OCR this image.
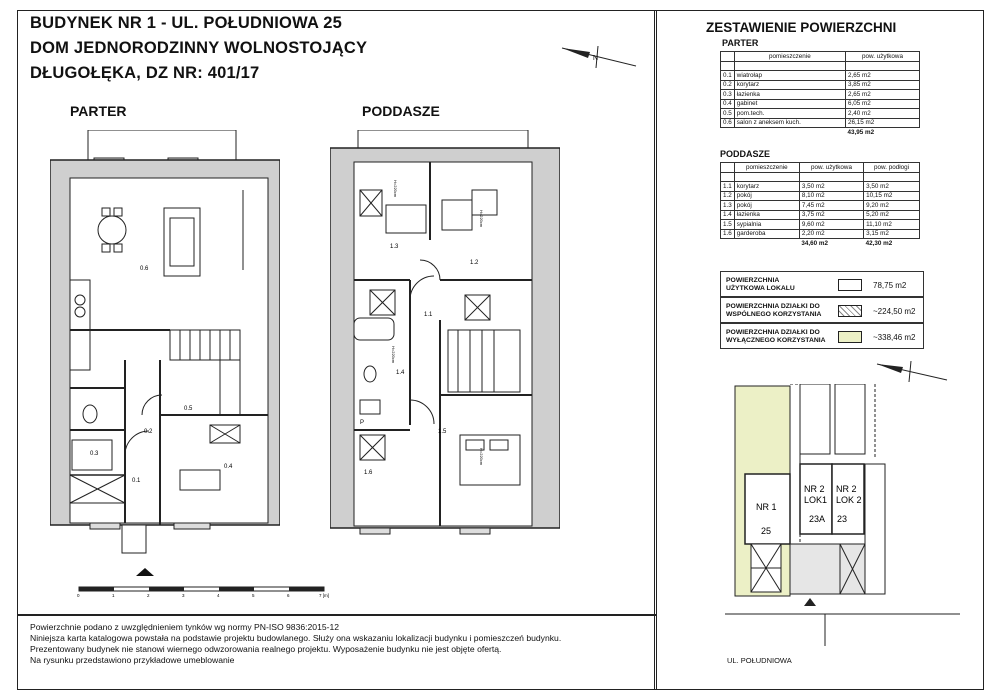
BUDYNEK NR 1 - UL. POŁUDNIOWA 25
DOM JEDNORODZINNY WOLNOSTOJĄCY
DŁUGOŁĘKA, DZ NR: 401/17
N
PARTER	PODDASZE
0.6
0.5
0.2
0.3
0.1
0.4
0	1	2	3	4	5	6	7 [m]
1.3
1.2
1.1
1.4
1.6
1.5
P
H=220cm
H=220cm
H=220cm
H=220cm
Powierzchnie podano z uwzględnieniem tynków wg normy PN-ISO 9836:2015-12
Niniejsza karta katalogowa powstała na podstawie projektu budowlanego. Służy ona wskazaniu lokalizacji budynku i pomieszczeń budynku.
Prezentowany budynek nie stanowi wiernego odwzorowania realnego projektu. Wyposażenie budynku nie jest objęte ofertą.
Na rysunku przedstawiono przykładowe umeblowanie
ZESTAWIENIE POWIERZCHNI
PARTER
	pomieszczenie	pow. użytkowa

0.1	wiatrołap	2,65 m2
0.2	korytarz	3,85 m2
0.3	łazienka	2,65 m2
0.4	gabinet	6,05 m2
0.5	pom.tech.	2,40 m2
0.6	salon z aneksem kuch.	26,15 m2
		43,95 m2
PODDASZE
	pomieszczenie	pow. użytkowa	pow. podłogi

1.1	korytarz	3,50 m2	3,50 m2
1.2	pokój	8,10 m2	10,15 m2
1.3	pokój	7,45 m2	9,20 m2
1.4	łazienka	3,75 m2	5,20 m2
1.5	sypialnia	9,60 m2	11,10 m2
1.6	garderoba	2,20 m2	3,15 m2
		34,60 m2	42,30 m2
POWIERZCHNIA
UŻYTKOWA LOKALU	78,75 m2
POWIERZCHNIA DZIAŁKI DO
WSPÓLNEGO KORZYSTANIA	~224,50 m2
POWIERZCHNIA DZIAŁKI DO
WYŁĄCZNEGO KORZYSTANIA	~338,46 m2
NR 1
25
NR 2
LOK1
23A
NR 2
LOK 2
23
UL. POŁUDNIOWA
